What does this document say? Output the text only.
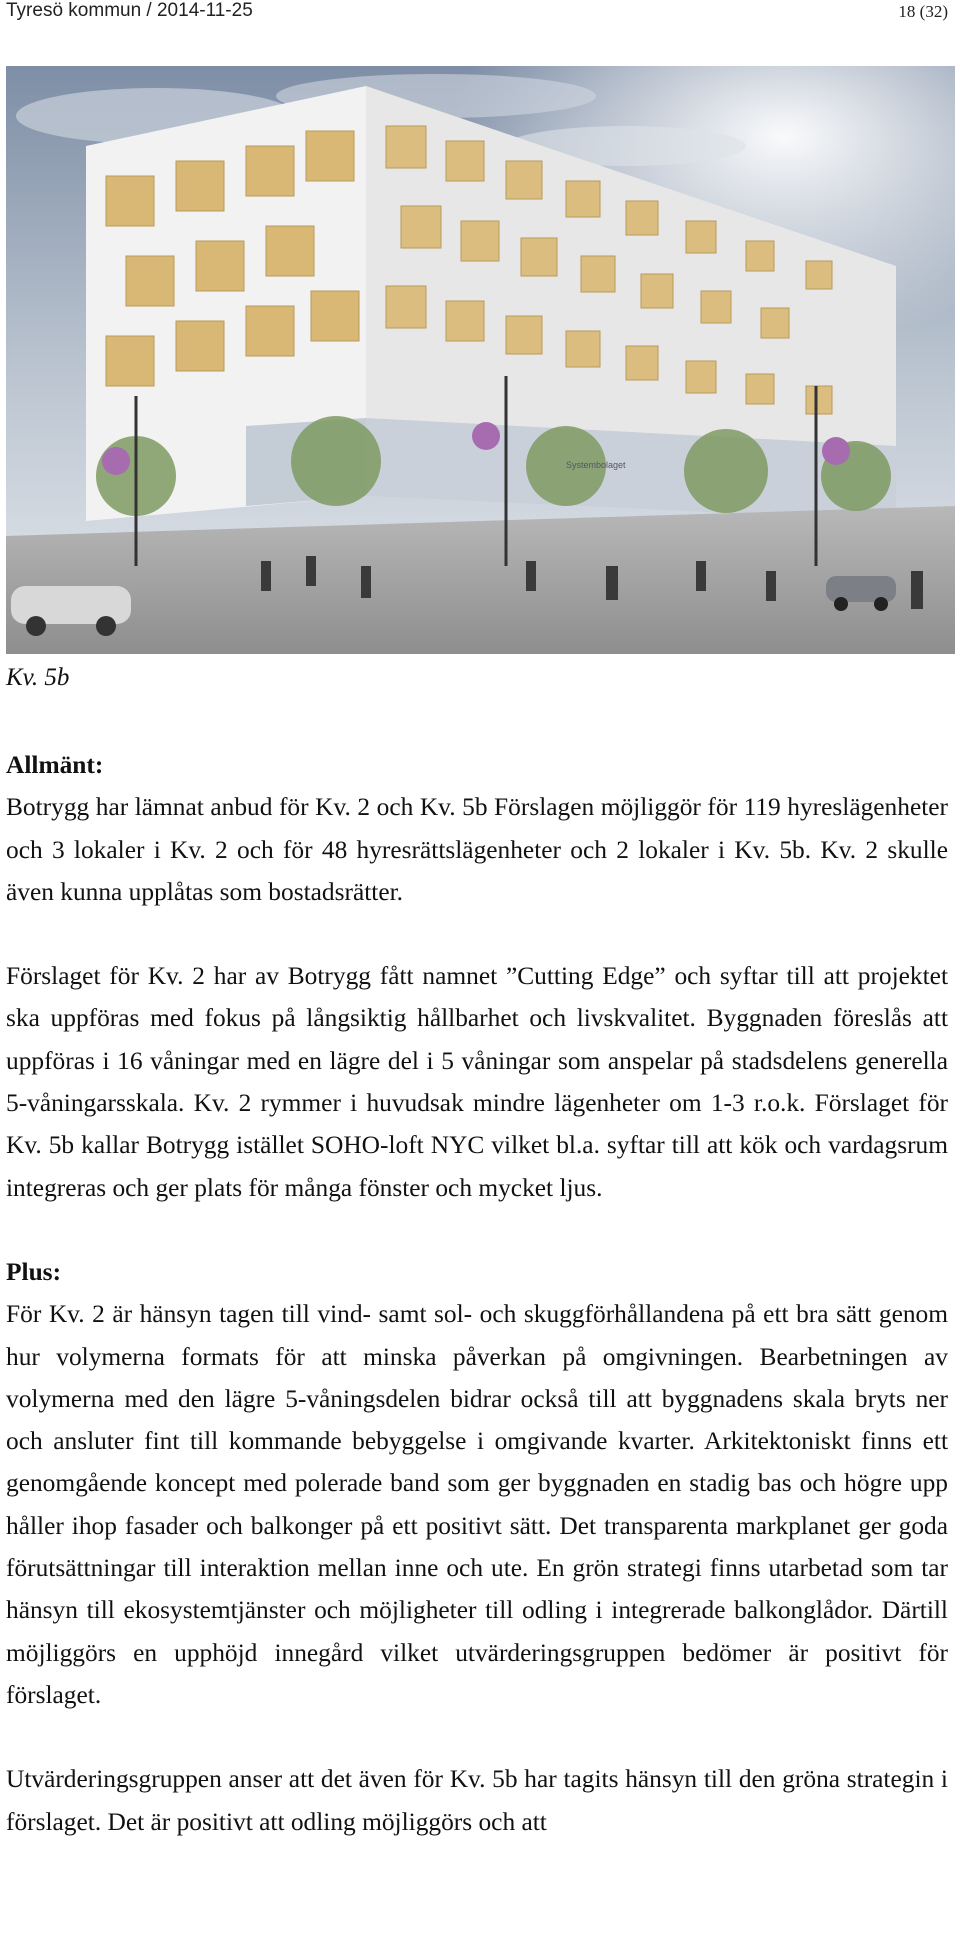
Tyresö kommun / 2014-11-25	18 (32)
Systembolaget
Kv. 5b

Allmänt:

Botrygg har lämnat anbud för Kv. 2 och Kv. 5b Förslagen möjliggör för 119 hyreslägenheter och 3 lokaler i Kv. 2 och för 48 hyresrättslägenheter och 2 lokaler i Kv. 5b. Kv. 2 skulle även kunna upplåtas som bostadsrätter.

Förslaget för Kv. 2 har av Botrygg fått namnet ”Cutting Edge” och syftar till att projektet ska uppföras med fokus på långsiktig hållbarhet och livskvalitet. Byggnaden föreslås att uppföras i 16 våningar med en lägre del i 5 våningar som anspelar på stadsdelens generella 5-våningarsskala. Kv. 2 rymmer i huvudsak mindre lägenheter om 1-3 r.o.k. Förslaget för Kv. 5b kallar Botrygg istället SOHO-loft NYC vilket bl.a. syftar till att kök och vardagsrum integreras och ger plats för många fönster och mycket ljus.

Plus:

För Kv. 2 är hänsyn tagen till vind- samt sol- och skuggförhållandena på ett bra sätt genom hur volymerna formats för att minska påverkan på omgivningen. Bearbetningen av volymerna med den lägre 5-våningsdelen bidrar också till att byggnadens skala bryts ner och ansluter fint till kommande bebyggelse i omgivande kvarter. Arkitektoniskt finns ett genomgående koncept med polerade band som ger byggnaden en stadig bas och högre upp håller ihop fasader och balkonger på ett positivt sätt. Det transparenta markplanet ger goda förutsättningar till interaktion mellan inne och ute. En grön strategi finns utarbetad som tar hänsyn till ekosystemtjänster och möjligheter till odling i integrerade balkonglådor. Därtill möjliggörs en upphöjd innegård vilket utvärderingsgruppen bedömer är positivt för förslaget.

Utvärderingsgruppen anser att det även för Kv. 5b har tagits hänsyn till den gröna strategin i förslaget. Det är positivt att odling möjliggörs och att
